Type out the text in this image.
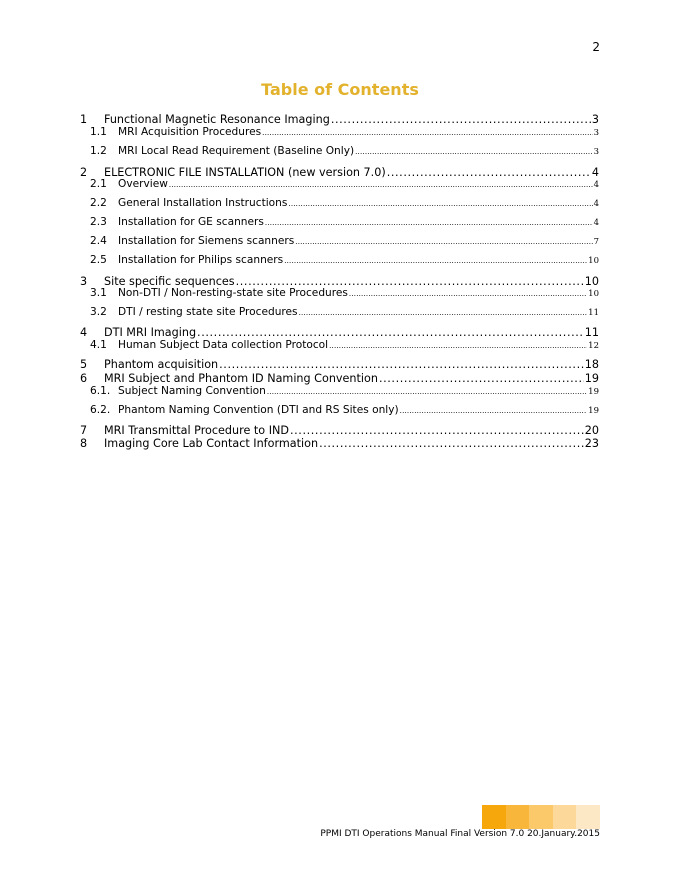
2
Table of Contents
1	Functional Magnetic Resonance Imaging .....	3
1.1	MRI Acquisition Procedures .....	3
1.2	MRI Local Read Requirement (Baseline Only) .....	3
2	ELECTRONIC FILE INSTALLATION (new version 7.0) .....	4
2.1	Overview .....	4
2.2	General Installation Instructions .....	4
2.3	Installation for GE scanners .....	4
2.4	Installation for Siemens scanners .....	7
2.5	Installation for Philips scanners .....	10
3	Site specific sequences .....	10
3.1	Non-DTI / Non-resting-state site Procedures .....	10
3.2	DTI / resting state site Procedures .....	11
4	DTI MRI Imaging .....	11
4.1	Human Subject Data collection Protocol .....	12
5	Phantom acquisition .....	18
6	MRI Subject and Phantom ID Naming Convention .....	19
6.1. Subject Naming Convention .....	19
6.2. Phantom Naming Convention (DTI and RS Sites only) .....	19
7	MRI Transmittal Procedure to IND .....	20
8	Imaging Core Lab Contact Information .....	23
PPMI DTI Operations Manual Final Version 7.0 20.January.2015
